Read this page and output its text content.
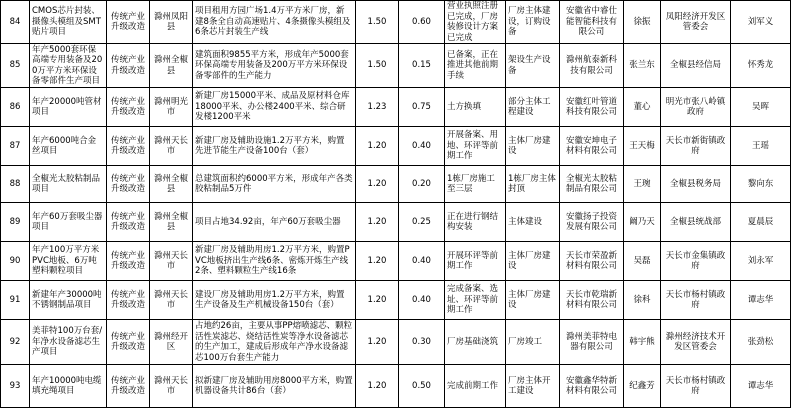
84	CMOS芯片封装、摄像头模组及SMT贴片项目	传统产业升级改造	滁州凤阳县	项目租用方园广场1.4万平方米厂房，新建8条全自动高速贴片、4条摄像头模组及6条芯片封装生产线	1.50	0.60	营业执照注册已完成，厂房装修设计方案已完成	厂房主体建设，订购设备	安徽省中睿仕能智能科技有限公司	徐振	凤阳经济开发区管委会	刘军义
85	年产5000套环保高端专用装备及200万平方米环保设备零部件生产项目	传统产业升级改造	滁州全椒县	建筑面积9855平方米，形成年产5000套环保高端专用装备及200万平方米环保设备零部件的生产能力	1.50	0.15	已备案，正在推进其他前期手续	架设生产设备	滁州航泰新科技有限公司	张兰东	全椒县经信局	怀秀龙
86	年产20000吨管材项目	传统产业升级改造	滁州明光市	新建厂房15000平米、成品及原材料仓库18000平米、办公楼2400平米、综合研发楼1200平米	1.23	0.75	土方换填	部分主体工程建设	安徽红叶管道科技有限公司	董心	明光市张八岭镇政府	吴晖
87	年产6000吨合金丝项目	传统产业升级改造	滁州天长市	新建厂房及辅助设施1.2万平方米，购置先进节能生产设备100台（套）	1.20	0.40	开展备案、用地、环评等前期工作	主体厂房建设	安徽安坤电子材料有限公司	王天梅	天长市新街镇政府	王瑶
88	全椒光太胶粘制品项目	传统产业升级改造	滁州全椒县	总建筑面积约6000平方米，形成年产各类胶粘制品5万件	1.20	0.20	1栋厂房施工至三层	1栋厂房主体封顶	全椒光太胶粘制品有限公司	王琬	全椒县税务局	黎向东
89	年产60万套吸尘器项目	传统产业升级改造	滁州全椒县	项目占地34.92亩，年产60万套吸尘器	1.20	0.25	正在进行钢结构安装	主体建设	安徽扬子投资发展有限公司	阚乃天	全椒县统战部	夏晨辰
90	年产100万平方米PVC地板、6万吨塑料颗粒项目	传统产业升级改造	滁州天长市	新建厂房及辅助用房1.2万平方米，购置PVC地板挤出生产线6条、密炼开炼生产线2条、塑料颗粒生产线16条	1.20	0.40	开展环评等前期工作	主体厂房建设	天长市荣盈新材料有限公司	吴磊	天长市金集镇政府	刘永军
91	新建年产30000吨不锈钢制品项目	传统产业升级改造	滁州天长市	建设厂房及辅助用房1.2万平方米，购置生产设备及生产机械设备150台（套）	1.20	0.40	完成备案、选址、环评等前期工作	主体厂房建设	天长市乾瑞新材料有限公司	徐科	天长市杨村镇政府	谭志华
92	美菲特100万台套/年净水设备滤芯生产项目	传统产业升级改造	滁州经开区	占地约26亩，主要从事PP熔喷滤芯、颗粒活性炭滤芯、烧结活性炭等净水设备滤芯的生产加工，建成后形成年产净水设备滤芯100万台套生产能力	1.20	0.30	厂房基础浇筑	厂房竣工	滁州美菲特电器有限公司	韩宇熊	滁州经济技术开发区管委会	张劲松
93	年产10000吨电缆填充绳项目	传统产业升级改造	滁州天长市	拟新建厂房及辅助用房8000平方米，购置机器设备共计86台（套）	1.20	0.50	完成前期工作	厂房主体开工建设	安徽鑫华特新材料有限公司	纪鑫芳	天长市杨村镇政府	谭志华
